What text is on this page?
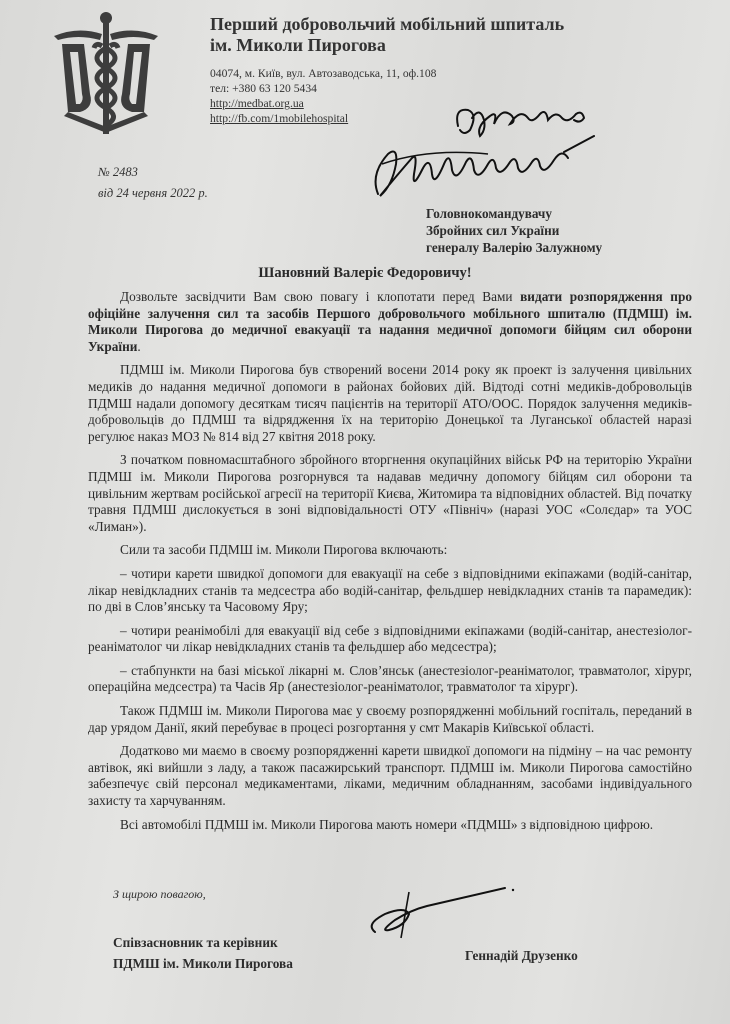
Перший добровольчий мобільний шпиталь
ім. Миколи Пирогова
04074, м. Київ, вул. Автозаводська, 11, оф.108
тел: +380 63 120 5434
http://medbat.org.ua
http://fb.com/1mobilehospital
№ 2483
від 24 червня 2022 р.
Головнокомандувачу
Збройних сил України
генералу Валерію Залужному
Шановний Валеріє Федоровичу!

Дозвольте засвідчити Вам свою повагу і клопотати перед Вами видати розпорядження про офіційне залучення сил та засобів Першого добровольчого мобільного шпиталю (ПДМШ) ім. Миколи Пирогова до медичної евакуації та надання медичної допомоги бійцям сил оборони України.

ПДМШ ім. Миколи Пирогова був створений восени 2014 року як проект із залучення цивільних медиків до надання медичної допомоги в районах бойових дій. Відтоді сотні медиків-добровольців ПДМШ надали допомогу десяткам тисяч пацієнтів на території АТО/ООС. Порядок залучення медиків-добровольців до ПДМШ та відрядження їх на територію Донецької та Луганської областей наразі регулює наказ МОЗ № 814 від 27 квітня 2018 року.

З початком повномасштабного збройного вторгнення окупаційних військ РФ на територію України ПДМШ ім. Миколи Пирогова розгорнувся та надавав медичну допомогу бійцям сил оборони та цивільним жертвам російської агресії на території Києва, Житомира та відповідних областей. Від початку травня ПДМШ дислокується в зоні відповідальності ОТУ «Північ» (наразі УОС «Солєдар» та УОС «Лиман»).

Сили та засоби ПДМШ ім. Миколи Пирогова включають:

– чотири карети швидкої допомоги для евакуації на себе з відповідними екіпажами (водій-санітар, лікар невідкладних станів та медсестра або водій-санітар, фельдшер невідкладних станів та парамедик): по дві в Слов’янську та Часовому Яру;

– чотири реанімобілі для евакуації від себе з відповідними екіпажами (водій-санітар, анестезіолог-реаніматолог чи лікар невідкладних станів та фельдшер або медсестра);

– стабпункти на базі міської лікарні м. Слов’янськ (анестезіолог-реаніматолог, травматолог, хірург, операційна медсестра) та Часів Яр (анестезіолог-реаніматолог, травматолог та хірург).

Також ПДМШ ім. Миколи Пирогова має у своєму розпорядженні мобільний госпіталь, переданий в дар урядом Данії, який перебуває в процесі розгортання у смт Макарів Київської області.

Додатково ми маємо в своєму розпорядженні карети швидкої допомоги на підміну – на час ремонту автівок, які вийшли з ладу, а також пасажирський транспорт. ПДМШ ім. Миколи Пирогова самостійно забезпечує свій персонал медикаментами, ліками, медичним обладнанням, засобами індивідуального захисту та харчуванням.

Всі автомобілі ПДМШ ім. Миколи Пирогова мають номери «ПДМШ» з відповідною цифрою.

З щирою повагою,
Співзасновник та керівник
ПДМШ ім. Миколи Пирогова
Геннадій Друзенко
